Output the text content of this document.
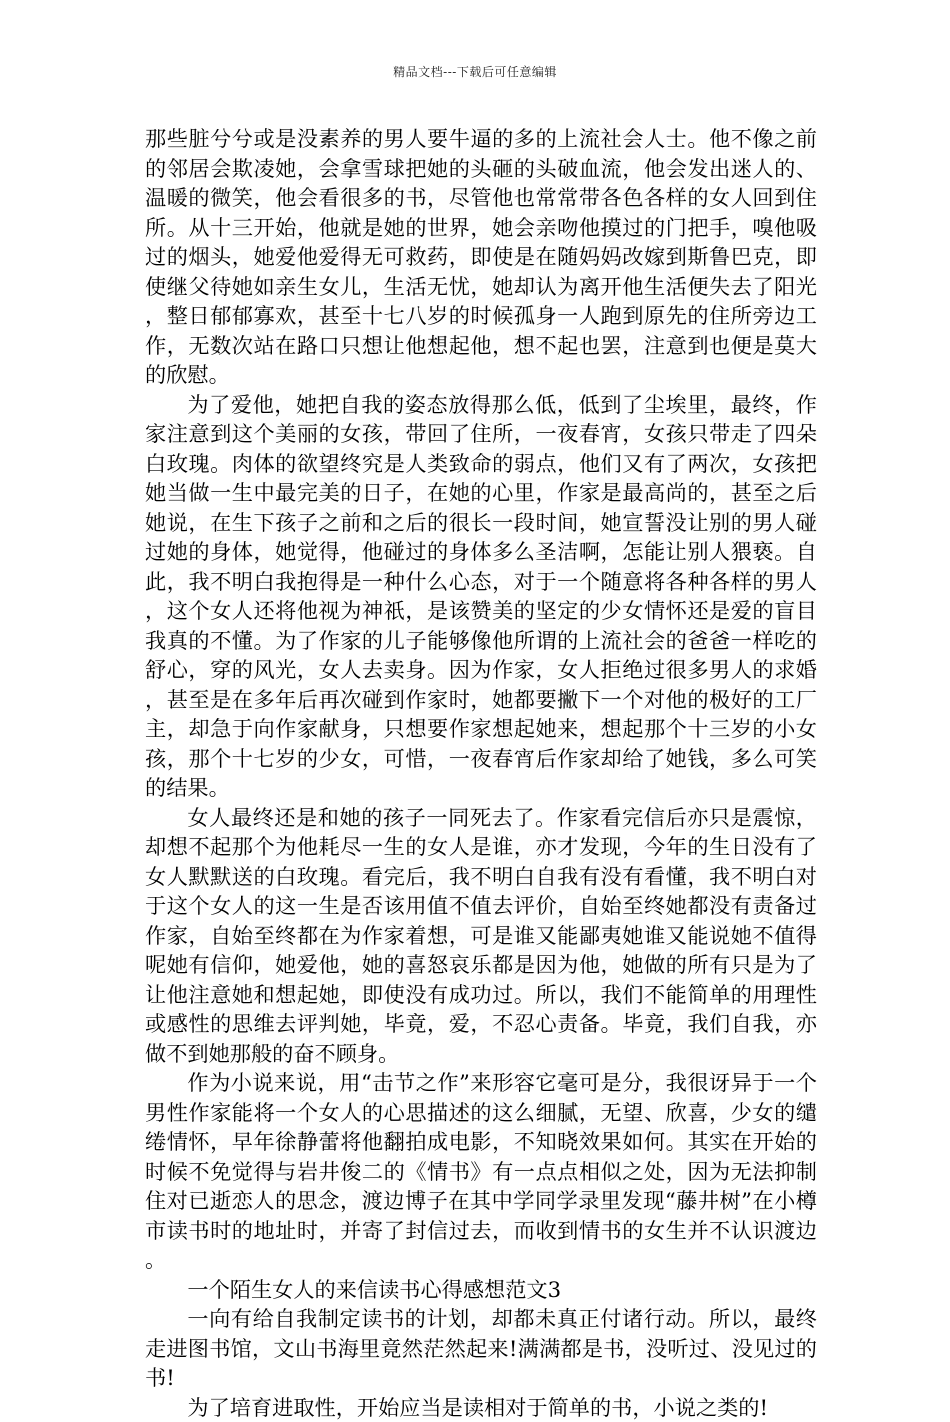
精品文档---下载后可任意编辑

那些脏兮兮或是没素养的男人要牛逼的多的上流社会人士。他不像之前的邻居会欺凌她，会拿雪球把她的头砸的头破血流，他会发出迷人的、温暖的微笑，他会看很多的书，尽管他也常常带各色各样的女人回到住所。从十三开始，他就是她的世界，她会亲吻他摸过的门把手，嗅他吸过的烟头，她爱他爱得无可救药，即使是在随妈妈改嫁到斯鲁巴克，即使继父待她如亲生女儿，生活无忧，她却认为离开他生活便失去了阳光，整日郁郁寡欢，甚至十七八岁的时候孤身一人跑到原先的住所旁边工作，无数次站在路口只想让他想起他，想不起也罢，注意到也便是莫大的欣慰。

为了爱他，她把自我的姿态放得那么低，低到了尘埃里，最终，作家注意到这个美丽的女孩，带回了住所，一夜春宵，女孩只带走了四朵白玫瑰。肉体的欲望终究是人类致命的弱点，他们又有了两次，女孩把她当做一生中最完美的日子，在她的心里，作家是最高尚的，甚至之后她说，在生下孩子之前和之后的很长一段时间，她宣誓没让别的男人碰过她的身体，她觉得，他碰过的身体多么圣洁啊，怎能让别人猥亵。自此，我不明白我抱得是一种什么心态，对于一个随意将各种各样的男人，这个女人还将他视为神祇，是该赞美的坚定的少女情怀还是爱的盲目我真的不懂。为了作家的儿子能够像他所谓的上流社会的爸爸一样吃的舒心，穿的风光，女人去卖身。因为作家，女人拒绝过很多男人的求婚，甚至是在多年后再次碰到作家时，她都要撇下一个对他的极好的工厂主，却急于向作家献身，只想要作家想起她来，想起那个十三岁的小女孩，那个十七岁的少女，可惜，一夜春宵后作家却给了她钱，多么可笑的结果。

女人最终还是和她的孩子一同死去了。作家看完信后亦只是震惊，却想不起那个为他耗尽一生的女人是谁，亦才发现，今年的生日没有了女人默默送的白玫瑰。看完后，我不明白自我有没有看懂，我不明白对于这个女人的这一生是否该用值不值去评价，自始至终她都没有责备过作家，自始至终都在为作家着想，可是谁又能鄙夷她谁又能说她不值得呢她有信仰，她爱他，她的喜怒哀乐都是因为他，她做的所有只是为了让他注意她和想起她，即使没有成功过。所以，我们不能简单的用理性或感性的思维去评判她，毕竟，爱，不忍心责备。毕竟，我们自我，亦做不到她那般的奋不顾身。

作为小说来说，用“击节之作”来形容它毫可是分，我很讶异于一个男性作家能将一个女人的心思描述的这么细腻，无望、欣喜，少女的缱绻情怀，早年徐静蕾将他翻拍成电影，不知晓效果如何。其实在开始的时候不免觉得与岩井俊二的《情书》有一点点相似之处，因为无法抑制住对已逝恋人的思念，渡边博子在其中学同学录里发现“藤井树”在小樽市读书时的地址时，并寄了封信过去，而收到情书的女生并不认识渡边。

一个陌生女人的来信读书心得感想范文3

一向有给自我制定读书的计划，却都未真正付诸行动。所以，最终走进图书馆，文山书海里竟然茫然起来!满满都是书，没听过、没见过的书!

为了培育进取性，开始应当是读相对于简单的书，小说之类的!
